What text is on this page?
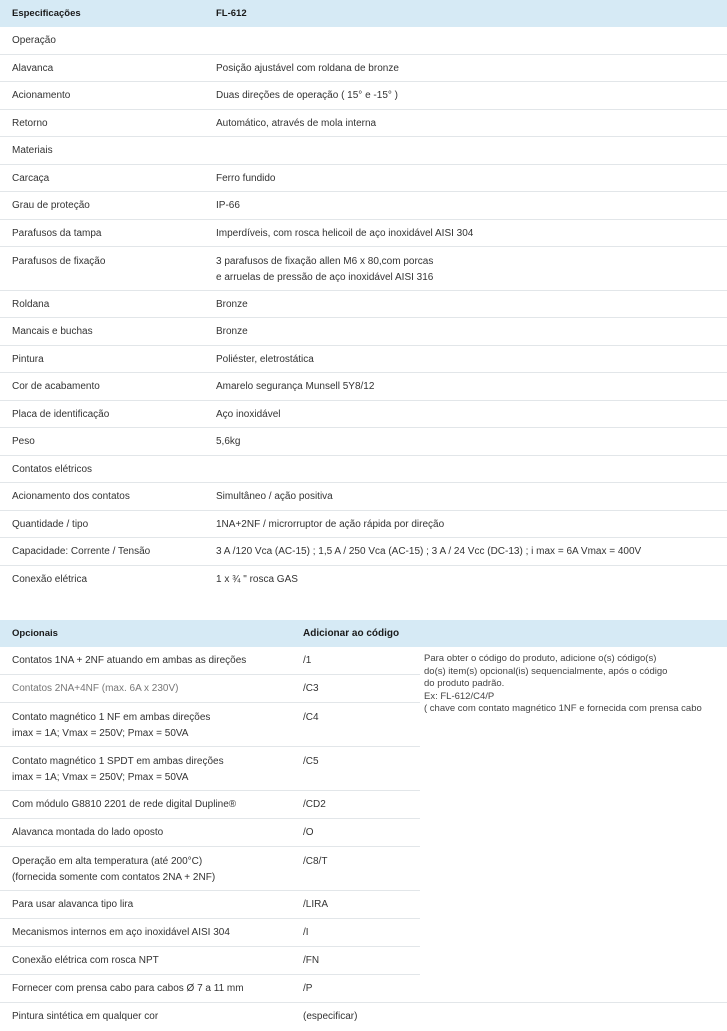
Especificações	FL-612
Operação
Alavanca	Posição ajustável com roldana de bronze
Acionamento	Duas direções de operação ( 15° e -15° )
Retorno	Automático, através de mola interna
Materiais
Carcaça	Ferro fundido
Grau de proteção	IP-66
Parafusos da tampa	Imperdíveis, com rosca helicoil de aço inoxidável AISI 304
Parafusos de fixação	3 parafusos de fixação allen M6 x 80,com porcas
e arruelas de pressão de aço inoxidável AISI 316
Roldana	Bronze
Mancais e buchas	Bronze
Pintura	Poliéster, eletrostática
Cor de acabamento	Amarelo segurança Munsell 5Y8/12
Placa de identificação	Aço inoxidável
Peso	5,6kg
Contatos elétricos
Acionamento dos contatos	Simultâneo / ação positiva
Quantidade / tipo	1NA+2NF / microrruptor de ação rápida por direção
Capacidade: Corrente / Tensão	3 A /120 Vca (AC-15) ; 1,5 A / 250 Vca (AC-15) ; 3 A / 24 Vcc (DC-13) ; i max = 6A Vmax = 400V
Conexão elétrica	1 x ¾ " rosca GAS
Opcionais	Adicionar ao código
Contatos 1NA + 2NF atuando em ambas as direções	/1
Contatos 2NA+4NF (max. 6A x 230V)	/C3
Contato magnético 1 NF em ambas direções
imax = 1A; Vmax = 250V; Pmax = 50VA
/C4
Contato magnético 1 SPDT em ambas direções
imax = 1A; Vmax = 250V; Pmax = 50VA
/C5
Com módulo G8810 2201 de rede digital Dupline®	/CD2
Alavanca montada do lado oposto	/O
Operação em alta temperatura (até 200°C)
(fornecida somente com contatos 2NA + 2NF)
/C8/T
Para usar alavanca tipo lira	/LIRA
Mecanismos internos em aço inoxidável AISI 304	/I
Conexão elétrica com rosca NPT	/FN
Fornecer com prensa cabo para cabos Ø 7 a 11 mm	/P
Pintura sintética em qualquer cor	(especificar)
Para obter o código do produto, adicione o(s) código(s)
do(s) item(s) opcional(is) sequencialmente, após o código
do produto padrão.
Ex: FL-612/C4/P
( chave com contato magnético 1NF e fornecida com prensa cabo
